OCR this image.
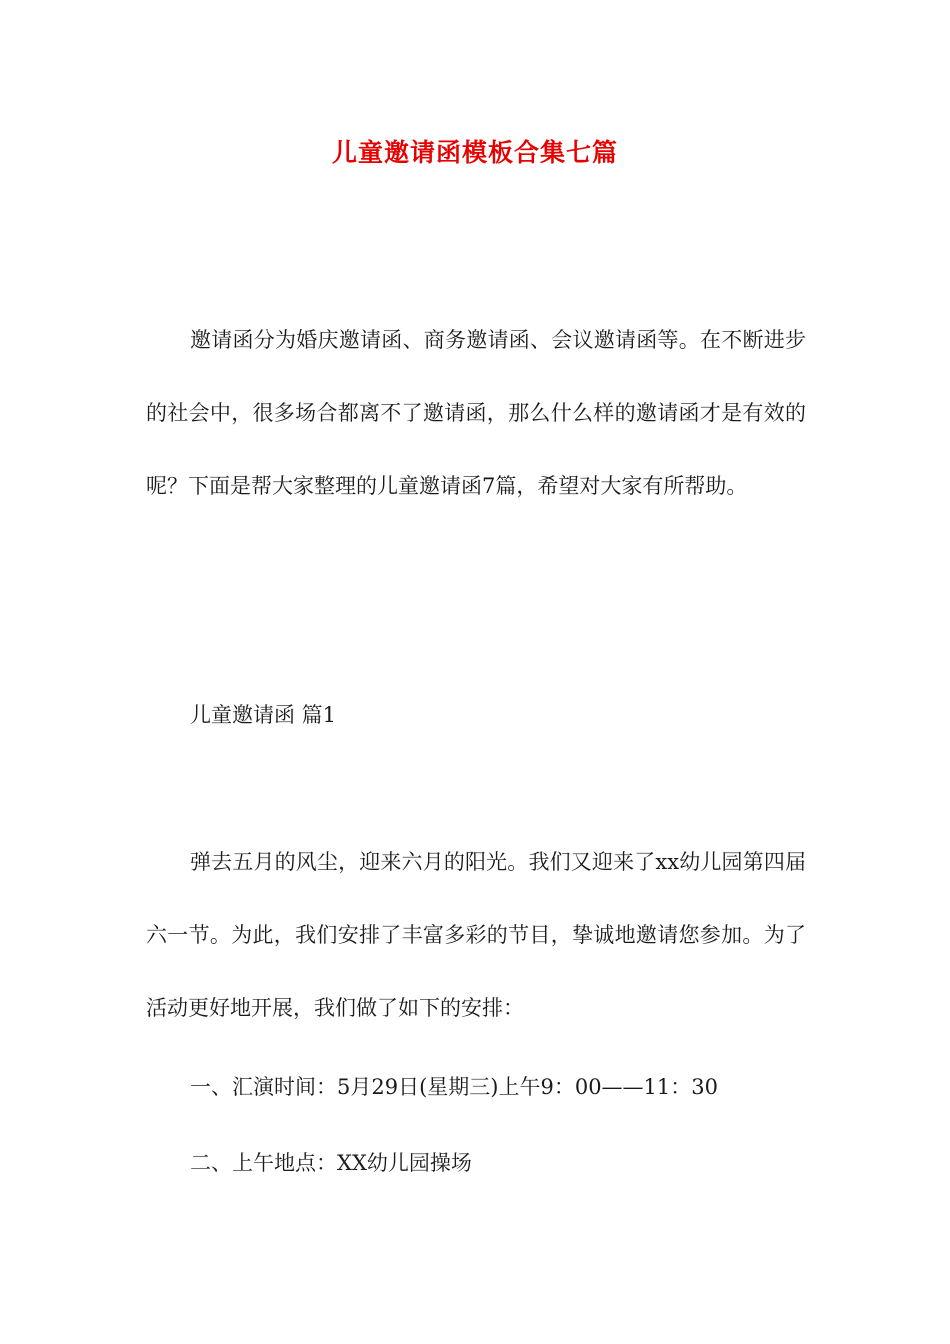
儿童邀请函模板合集七篇

邀请函分为婚庆邀请函、商务邀请函、会议邀请函等。在不断进步的社会中，很多场合都离不了邀请函，那么什么样的邀请函才是有效的呢？下面是帮大家整理的儿童邀请函7篇，希望对大家有所帮助。

儿童邀请函 篇1

弹去五月的风尘，迎来六月的阳光。我们又迎来了xx幼儿园第四届六一节。为此，我们安排了丰富多彩的节目，挚诚地邀请您参加。为了活动更好地开展，我们做了如下的安排：

一、汇演时间：5月29日(星期三)上午9：00——11：30

二、上午地点：XX幼儿园操场
